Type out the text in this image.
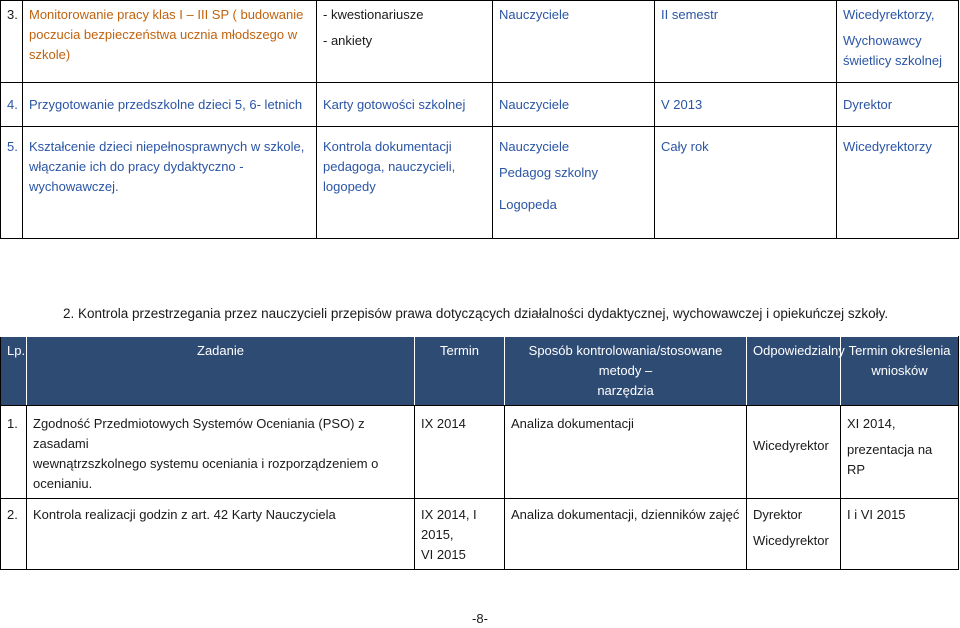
3.	Monitorowanie pracy klas I – III SP ( budowanie
poczucia bezpieczeństwa ucznia młodszego w
szkole)	- kwestionariusze
- ankiety	Nauczyciele	II semestr	Wicedyrektorzy,
Wychowawcy
świetlicy szkolnej

4.	Przygotowanie przedszkolne dzieci 5, 6- letnich	Karty gotowości szkolnej	Nauczyciele	V 2013	Dyrektor
5.	Kształcenie dzieci niepełnosprawnych w szkole,
włączanie ich do pracy dydaktyczno -wychowawczej.	Kontrola dokumentacji
pedagoga, nauczycieli,
logopedy	Nauczyciele
Pedagog szkolny
Logopeda	Cały rok	Wicedyrektorzy
2. Kontrola przestrzegania przez nauczycieli przepisów prawa dotyczących działalności dydaktycznej, wychowawczej i opiekuńczej szkoły.
Lp.	Zadanie	Termin	Sposób kontrolowania/stosowane metody –
narzędzia	Odpowiedzialny	Termin określenia
wniosków

1.	Zgodność Przedmiotowych Systemów Oceniania (PSO) z zasadami
wewnątrzszkolnego systemu oceniania i rozporządzeniem o
ocenianiu.	IX 2014	Analiza dokumentacji	Wicedyrektor	XI 2014,
prezentacja na RP

2.	Kontrola realizacji godzin z art. 42 Karty Nauczyciela	IX 2014, I 2015,
VI 2015	Analiza dokumentacji, dzienników zajęć	Dyrektor
Wicedyrektor	I i VI 2015
-8-
